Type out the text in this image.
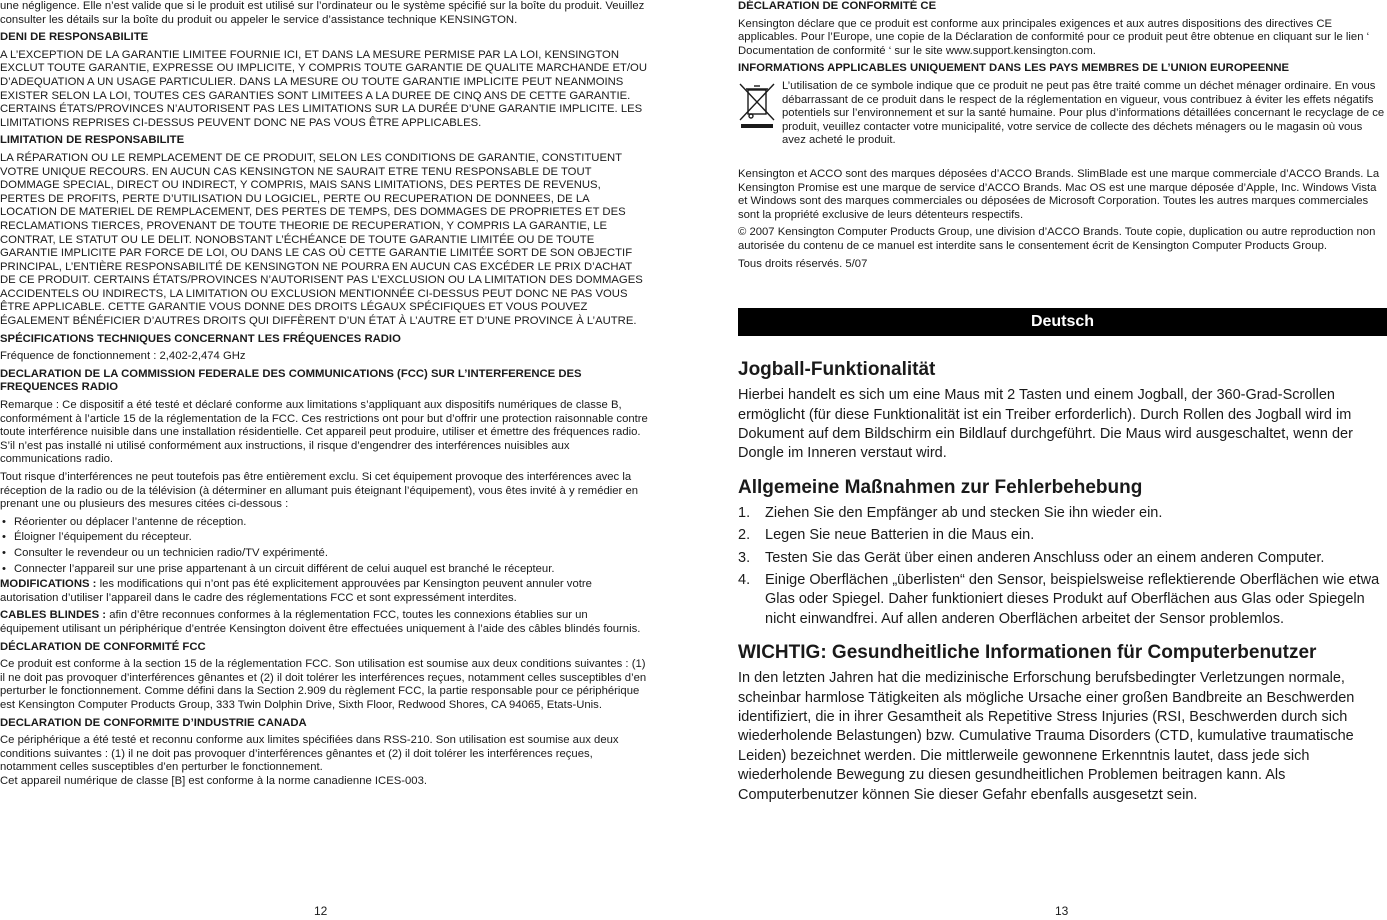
une négligence. Elle n’est valide que si le produit est utilisé sur l’ordinateur ou le système spécifié sur la boîte du produit. Veuillez consulter les détails sur la boîte du produit ou appeler le service d’assistance technique KENSINGTON.

DENI DE RESPONSABILITE

A L’EXCEPTION DE LA GARANTIE LIMITEE FOURNIE ICI, ET DANS LA MESURE PERMISE PAR LA LOI, KENSINGTON EXCLUT TOUTE GARANTIE, EXPRESSE OU IMPLICITE, Y COMPRIS TOUTE GARANTIE DE QUALITE MARCHANDE ET/OU D’ADEQUATION A UN USAGE PARTICULIER. DANS LA MESURE OU TOUTE GARANTIE IMPLICITE PEUT NEANMOINS EXISTER SELON LA LOI, TOUTES CES GARANTIES SONT LIMITEES A LA DUREE DE CINQ ANS DE CETTE GARANTIE. CERTAINS ÉTATS/PROVINCES N’AUTORISENT PAS LES LIMITATIONS SUR LA DURÉE D’UNE GARANTIE IMPLICITE. LES LIMITATIONS REPRISES CI-DESSUS PEUVENT DONC NE PAS VOUS ÊTRE APPLICABLES.

LIMITATION DE RESPONSABILITE

LA RÉPARATION OU LE REMPLACEMENT DE CE PRODUIT, SELON LES CONDITIONS DE GARANTIE, CONSTITUENT VOTRE UNIQUE RECOURS. EN AUCUN CAS KENSINGTON NE SAURAIT ETRE TENU RESPONSABLE DE TOUT DOMMAGE SPECIAL, DIRECT OU INDIRECT, Y COMPRIS, MAIS SANS LIMITATIONS, DES PERTES DE REVENUS, PERTES DE PROFITS, PERTE D’UTILISATION DU LOGICIEL, PERTE OU RECUPERATION DE DONNEES, DE LA LOCATION DE MATERIEL DE REMPLACEMENT, DES PERTES DE TEMPS, DES DOMMAGES DE PROPRIETES ET DES RECLAMATIONS TIERCES, PROVENANT DE TOUTE THEORIE DE RECUPERATION, Y COMPRIS LA GARANTIE, LE CONTRAT, LE STATUT OU LE DELIT. NONOBSTANT L’ÉCHÉANCE DE TOUTE GARANTIE LIMITÉE OU DE TOUTE GARANTIE IMPLICITE PAR FORCE DE LOI, OU DANS LE CAS OÙ CETTE GARANTIE LIMITÉE SORT DE SON OBJECTIF PRINCIPAL, L’ENTIÈRE RESPONSABILITÉ DE KENSINGTON NE POURRA EN AUCUN CAS EXCÉDER LE PRIX D’ACHAT DE CE PRODUIT. CERTAINS ÉTATS/PROVINCES N’AUTORISENT PAS L’EXCLUSION OU LA LIMITATION DES DOMMAGES ACCIDENTELS OU INDIRECTS, LA LIMITATION OU EXCLUSION MENTIONNÉE CI-DESSUS PEUT DONC NE PAS VOUS ÊTRE APPLICABLE. CETTE GARANTIE VOUS DONNE DES DROITS LÉGAUX SPÉCIFIQUES ET VOUS POUVEZ ÉGALEMENT BÉNÉFICIER D’AUTRES DROITS QUI DIFFÈRENT D’UN ÉTAT À L’AUTRE ET D’UNE PROVINCE À L’AUTRE.

SPÉCIFICATIONS TECHNIQUES CONCERNANT LES FRÉQUENCES RADIO

Fréquence de fonctionnement : 2,402-2,474 GHz

DECLARATION DE LA COMMISSION FEDERALE DES COMMUNICATIONS (FCC) SUR L’INTERFERENCE DES FREQUENCES RADIO

Remarque : Ce dispositif a été testé et déclaré conforme aux limitations s’appliquant aux dispositifs numériques de classe B, conformément à l’article 15 de la réglementation de la FCC. Ces restrictions ont pour but d’offrir une protection raisonnable contre toute interférence nuisible dans une installation résidentielle. Cet appareil peut produire, utiliser et émettre des fréquences radio. S’il n’est pas installé ni utilisé conformément aux instructions, il risque d’engendrer des interférences nuisibles aux communications radio.

Tout risque d’interférences ne peut toutefois pas être entièrement exclu. Si cet équipement provoque des interférences avec la réception de la radio ou de la télévision (à déterminer en allumant puis éteignant l’équipement), vous êtes invité à y remédier en prenant une ou plusieurs des mesures citées ci-dessous :

• Réorienter ou déplacer l’antenne de réception.
• Éloigner l’équipement du récepteur.
• Consulter le revendeur ou un technicien radio/TV expérimenté.
• Connecter l’appareil sur une prise appartenant à un circuit différent de celui auquel est branché le récepteur.

MODIFICATIONS : les modifications qui n’ont pas été explicitement approuvées par Kensington peuvent annuler votre autorisation d’utiliser l’appareil dans le cadre des réglementations FCC et sont expressément interdites.

CABLES BLINDES : afin d’être reconnues conformes à la réglementation FCC, toutes les connexions établies sur un équipement utilisant un périphérique d’entrée Kensington doivent être effectuées uniquement à l’aide des câbles blindés fournis.

DÉCLARATION DE CONFORMITÉ FCC

Ce produit est conforme à la section 15 de la réglementation FCC. Son utilisation est soumise aux deux conditions suivantes : (1) il ne doit pas provoquer d’interférences gênantes et (2) il doit tolérer les interférences reçues, notamment celles susceptibles d’en perturber le fonctionnement. Comme défini dans la Section 2.909 du règlement FCC, la partie responsable pour ce périphérique est Kensington Computer Products Group, 333 Twin Dolphin Drive, Sixth Floor, Redwood Shores, CA 94065, Etats-Unis.

DECLARATION DE CONFORMITE D’INDUSTRIE CANADA

Ce périphérique a été testé et reconnu conforme aux limites spécifiées dans RSS-210. Son utilisation est soumise aux deux conditions suivantes : (1) il ne doit pas provoquer d’interférences gênantes et (2) il doit tolérer les interférences reçues, notamment celles susceptibles d’en perturber le fonctionnement.

Cet appareil numérique de classe [B] est conforme à la norme canadienne ICES-003.

12

DÉCLARATION DE CONFORMITÉ CE

Kensington déclare que ce produit est conforme aux principales exigences et aux autres dispositions des directives CE applicables. Pour l’Europe, une copie de la Déclaration de conformité pour ce produit peut être obtenue en cliquant sur le lien ‘ Documentation de conformité ‘ sur le site www.support.kensington.com.

INFORMATIONS APPLICABLES UNIQUEMENT DANS LES PAYS MEMBRES DE L’UNION EUROPEENNE

L’utilisation de ce symbole indique que ce produit ne peut pas être traité comme un déchet ménager ordinaire. En vous débarrassant de ce produit dans le respect de la réglementation en vigueur, vous contribuez à éviter les effets négatifs potentiels sur l’environnement et sur la santé humaine. Pour plus d’informations détaillées concernant le recyclage de ce produit, veuillez contacter votre municipalité, votre service de collecte des déchets ménagers ou le magasin où vous avez acheté le produit.

Kensington et ACCO sont des marques déposées d’ACCO Brands. SlimBlade est une marque commerciale d’ACCO Brands. La Kensington Promise est une marque de service d’ACCO Brands. Mac OS est une marque déposée d’Apple, Inc. Windows Vista et Windows sont des marques commerciales ou déposées de Microsoft Corporation. Toutes les autres marques commerciales sont la propriété exclusive de leurs détenteurs respectifs.

© 2007 Kensington Computer Products Group, une division d’ACCO Brands. Toute copie, duplication ou autre reproduction non autorisée du contenu de ce manuel est interdite sans le consentement écrit de Kensington Computer Products Group.

Tous droits réservés. 5/07

Deutsch
Jogball-Funktionalität

Hierbei handelt es sich um eine Maus mit 2 Tasten und einem Jogball, der 360-Grad-Scrollen ermöglicht (für diese Funktionalität ist ein Treiber erforderlich). Durch Rollen des Jogball wird im Dokument auf dem Bildschirm ein Bildlauf durchgeführt. Die Maus wird ausgeschaltet, wenn der Dongle im Inneren verstaut wird.

Allgemeine Maßnahmen zur Fehlerbehebung
1. Ziehen Sie den Empfänger ab und stecken Sie ihn wieder ein.
2. Legen Sie neue Batterien in die Maus ein.
3. Testen Sie das Gerät über einen anderen Anschluss oder an einem anderen Computer.
4. Einige Oberflächen „überlisten“ den Sensor, beispielsweise reflektierende Oberflächen wie etwa Glas oder Spiegel. Daher funktioniert dieses Produkt auf Oberflächen aus Glas oder Spiegeln nicht einwandfrei. Auf allen anderen Oberflächen arbeitet der Sensor problemlos.
WICHTIG: Gesundheitliche Informationen für Computerbenutzer

In den letzten Jahren hat die medizinische Erforschung berufsbedingter Verletzungen normale, scheinbar harmlose Tätigkeiten als mögliche Ursache einer großen Bandbreite an Beschwerden identifiziert, die in ihrer Gesamtheit als Repetitive Stress Injuries (RSI, Beschwerden durch sich wiederholende Belastungen) bzw. Cumulative Trauma Disorders (CTD, kumulative traumatische Leiden) bezeichnet werden. Die mittlerweile gewonnene Erkenntnis lautet, dass jede sich wiederholende Bewegung zu diesen gesundheitlichen Problemen beitragen kann. Als Computerbenutzer können Sie dieser Gefahr ebenfalls ausgesetzt sein.

13
